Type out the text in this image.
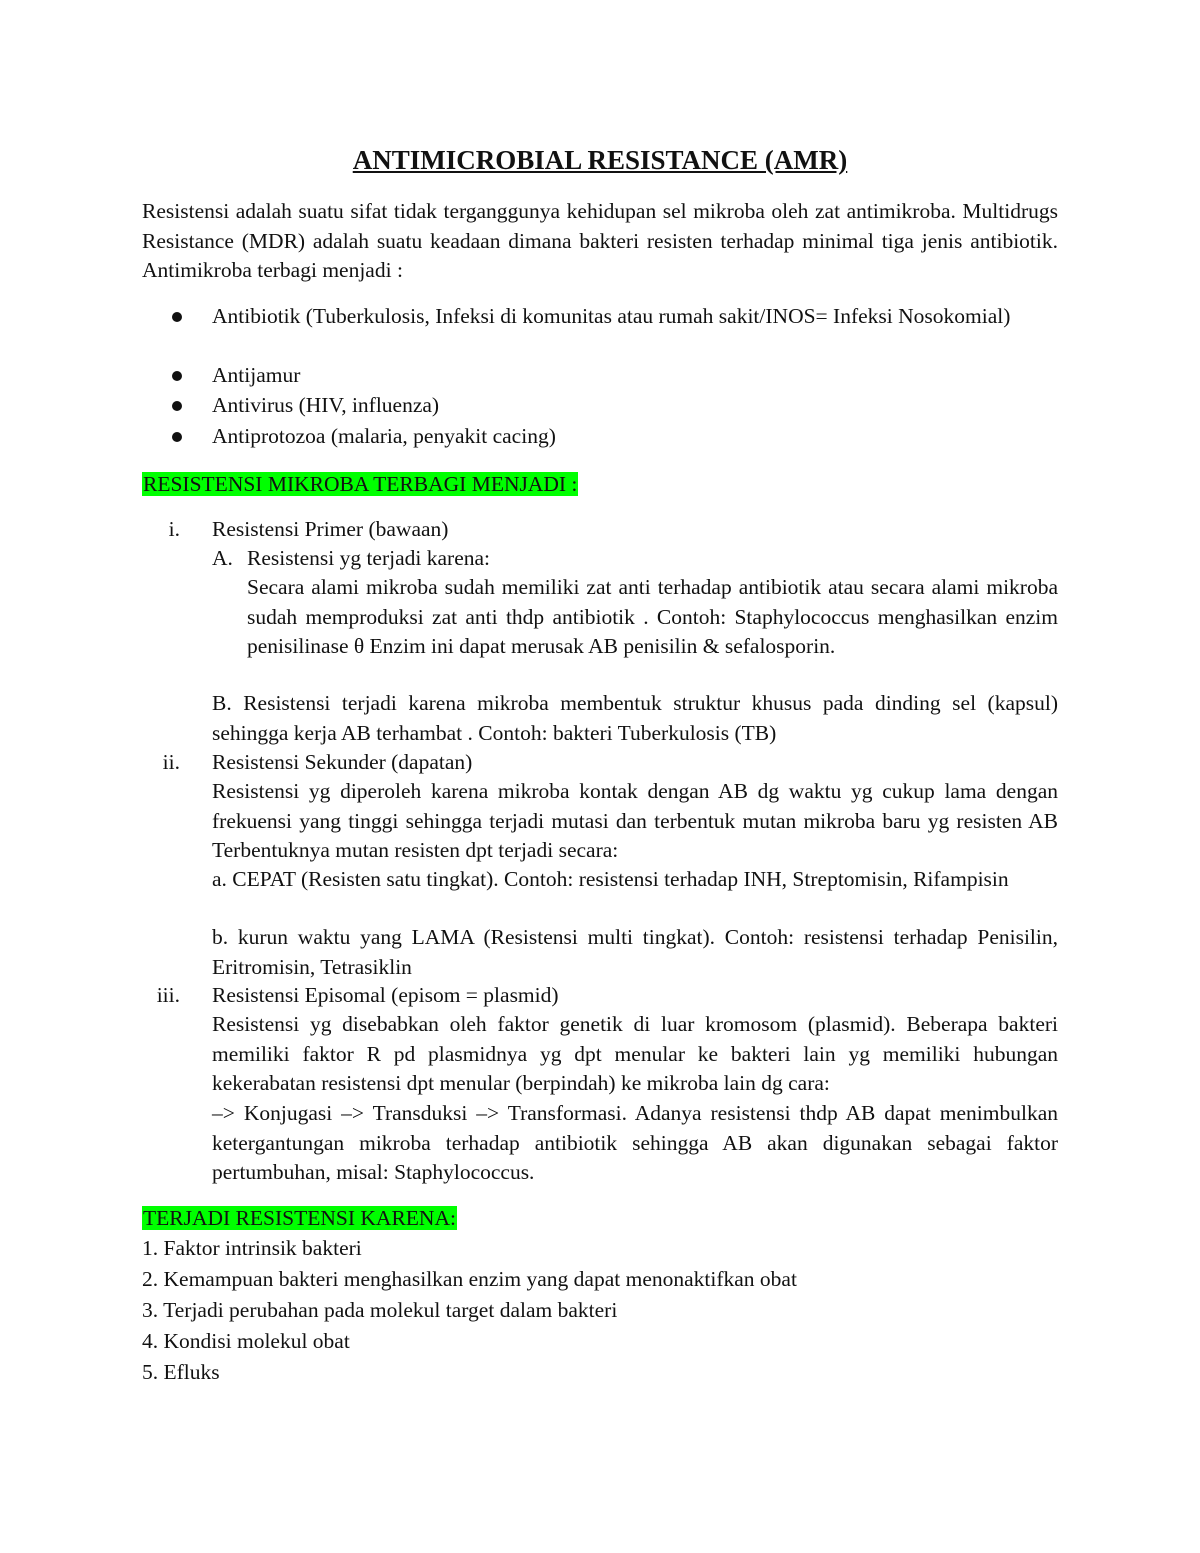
ANTIMICROBIAL RESISTANCE (AMR)
Resistensi adalah suatu sifat tidak terganggunya kehidupan sel mikroba oleh zat antimikroba. Multidrugs Resistance (MDR) adalah suatu keadaan dimana bakteri resisten terhadap minimal tiga jenis antibiotik. Antimikroba terbagi menjadi :
Antibiotik (Tuberkulosis, Infeksi di komunitas atau rumah sakit/INOS= Infeksi Nosokomial)
Antijamur
Antivirus (HIV, influenza)
Antiprotozoa (malaria, penyakit cacing)
RESISTENSI MIKROBA TERBAGI MENJADI :
i. Resistensi Primer (bawaan)
A. Resistensi yg terjadi karena:
Secara alami mikroba sudah memiliki zat anti terhadap antibiotik atau secara alami mikroba sudah memproduksi zat anti thdp antibiotik . Contoh: Staphylococcus menghasilkan enzim penisilinase θ Enzim ini dapat merusak AB penisilin & sefalosporin.
B. Resistensi terjadi karena mikroba membentuk struktur khusus pada dinding sel (kapsul) sehingga kerja AB terhambat . Contoh: bakteri Tuberkulosis (TB)
ii. Resistensi Sekunder (dapatan)
Resistensi yg diperoleh karena mikroba kontak dengan AB dg waktu yg cukup lama dengan frekuensi yang tinggi sehingga terjadi mutasi dan terbentuk mutan mikroba baru yg resisten AB Terbentuknya mutan resisten dpt terjadi secara:
a. CEPAT (Resisten satu tingkat). Contoh: resistensi terhadap INH, Streptomisin, Rifampisin
b. kurun waktu yang LAMA (Resistensi multi tingkat). Contoh: resistensi terhadap Penisilin, Eritromisin, Tetrasiklin
iii. Resistensi Episomal (episom = plasmid)
Resistensi yg disebabkan oleh faktor genetik di luar kromosom (plasmid). Beberapa bakteri memiliki faktor R pd plasmidnya yg dpt menular ke bakteri lain yg memiliki hubungan kekerabatan resistensi dpt menular (berpindah) ke mikroba lain dg cara:
–> Konjugasi –> Transduksi –> Transformasi. Adanya resistensi thdp AB dapat menimbulkan ketergantungan mikroba terhadap antibiotik sehingga AB akan digunakan sebagai faktor pertumbuhan, misal: Staphylococcus.
TERJADI RESISTENSI KARENA:
1. Faktor intrinsik bakteri
2. Kemampuan bakteri menghasilkan enzim yang dapat menonaktifkan obat
3. Terjadi perubahan pada molekul target dalam bakteri
4. Kondisi molekul obat
5. Efluks
